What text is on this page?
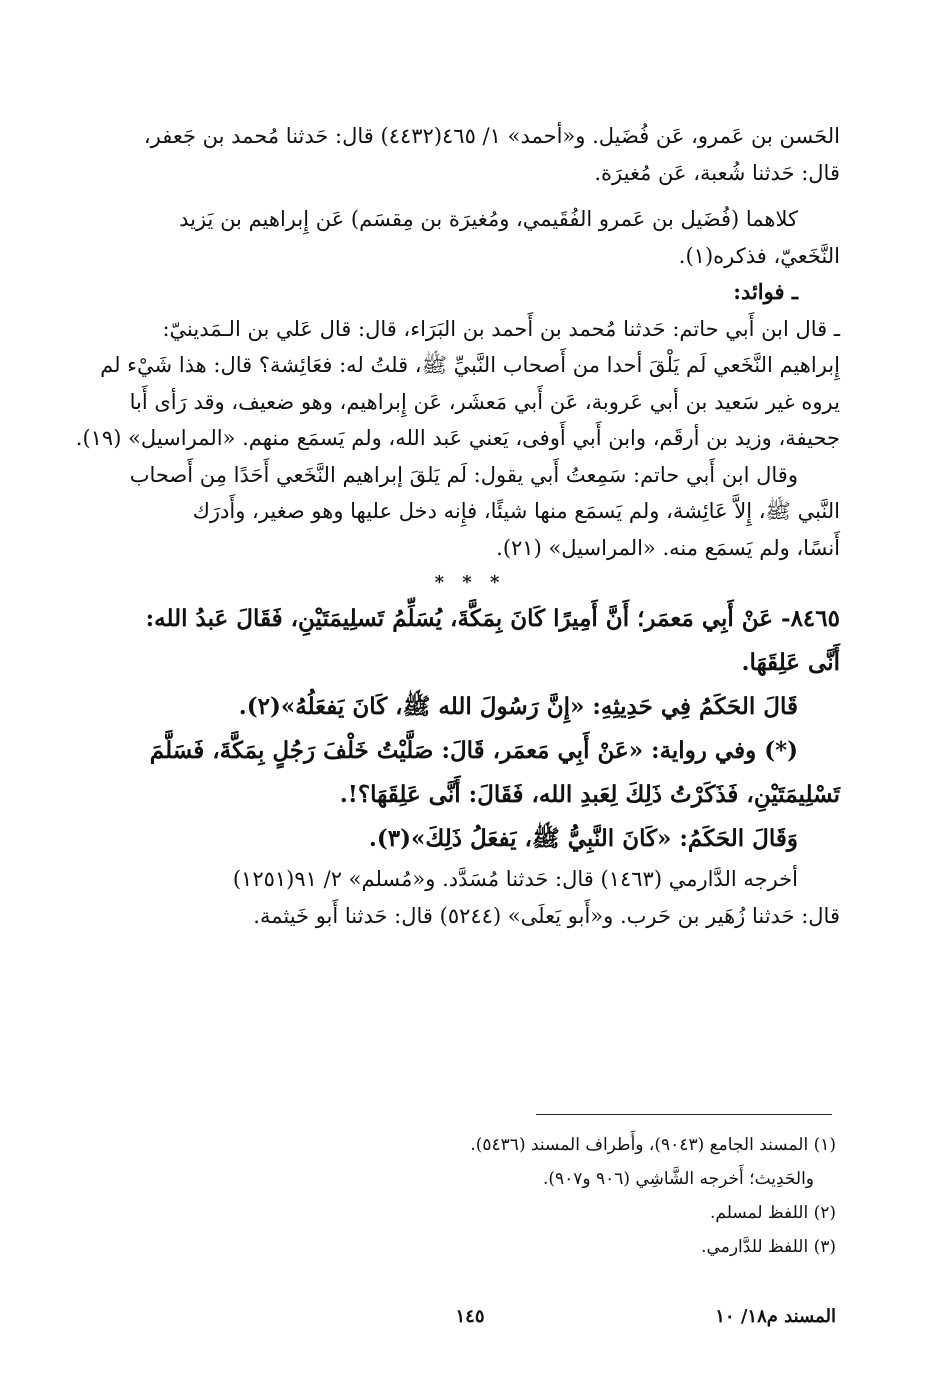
الحَسن بن عَمرو، عَن فُضَيل. و«أحمد» ١/ ٤٦٥(٤٤٣٢) قال: حَدثنا مُحمد بن جَعفر،
قال: حَدثنا شُعبة، عَن مُغيرَة.
كلاهما (فُضَيل بن عَمرو الفُقَيمي، ومُغيرَة بن مِقسَم) عَن إِبراهيم بن يَزيد
النَّخَعيّ، فذكره(١).
ـ فوائد:
ـ قال ابن أَبي حاتم: حَدثنا مُحمد بن أَحمد بن البَرَاء، قال: قال عَلي بن الـمَدينيّ:
إِبراهيم النَّخَعي لَم يَلْقَ أحدا من أَصحاب النَّبيِّ ﷺ، قلتُ له: فعَائِشة؟ قال: هذا شَيْء لم
يروه غير سَعيد بن أبي عَروبة، عَن أَبي مَعشَر، عَن إِبراهيم، وهو ضعيف، وقد رَأى أَبا
جحيفة، وزيد بن أرقَم، وابن أَبي أَوفى، يَعني عَبد الله، ولم يَسمَع منهم. «المراسيل» (١٩).
وقال ابن أَبي حاتم: سَمِعتُ أَبي يقول: لَم يَلقَ إبراهيم النَّخَعي أَحَدًا مِن أَصحاب
النَّبي ﷺ، إِلاَّ عَائِشة، ولم يَسمَع منها شيئًا، فإِنه دخل عليها وهو صغير، وأَدرَك
أَنسًا، ولم يَسمَع منه. «المراسيل» (٢١).
* * *
٨٤٦٥- عَنْ أَبِي مَعمَر؛ أَنَّ أَمِيرًا كَانَ بِمَكَّةَ، يُسَلِّمُ تَسلِيمَتَيْنِ، فَقَالَ عَبدُ الله:
أَنَّى عَلِقَهَا.
قَالَ الحَكَمُ فِي حَدِيثِهِ: «إِنَّ رَسُولَ الله ﷺ، كَانَ يَفعَلُهُ»(٢).
(*) وفي رواية: «عَنْ أَبِي مَعمَر، قَالَ: صَلَّيْتُ خَلْفَ رَجُلٍ بِمَكَّةَ، فَسَلَّمَ
تَسْلِيمَتَيْنِ، فَذَكَرْتُ ذَلِكَ لِعَبدِ الله، فَقَالَ: أَنَّى عَلِقَهَا؟!.
وَقَالَ الحَكَمُ: «كَانَ النَّبِيُّ ﷺ، يَفعَلُ ذَلِكَ»(٣).
أخرجه الدَّارمي (١٤٦٣) قال: حَدثنا مُسَدَّد. و«مُسلم» ٢/ ٩١(١٢٥١)
قال: حَدثنا زُهَير بن حَرب. و«أَبو يَعلَى» (٥٢٤٤) قال: حَدثنا أَبو خَيثمة.
(١) المسند الجامع (٩٠٤٣)، وأَطراف المسند (٥٤٣٦).
والحَدِيث؛ أَخرجه الشَّاشِي (٩٠٦ و٩٠٧).
(٢) اللفظ لمسلم.
(٣) اللفظ للدَّارمي.
المسند م١٨/ ١٠
١٤٥
